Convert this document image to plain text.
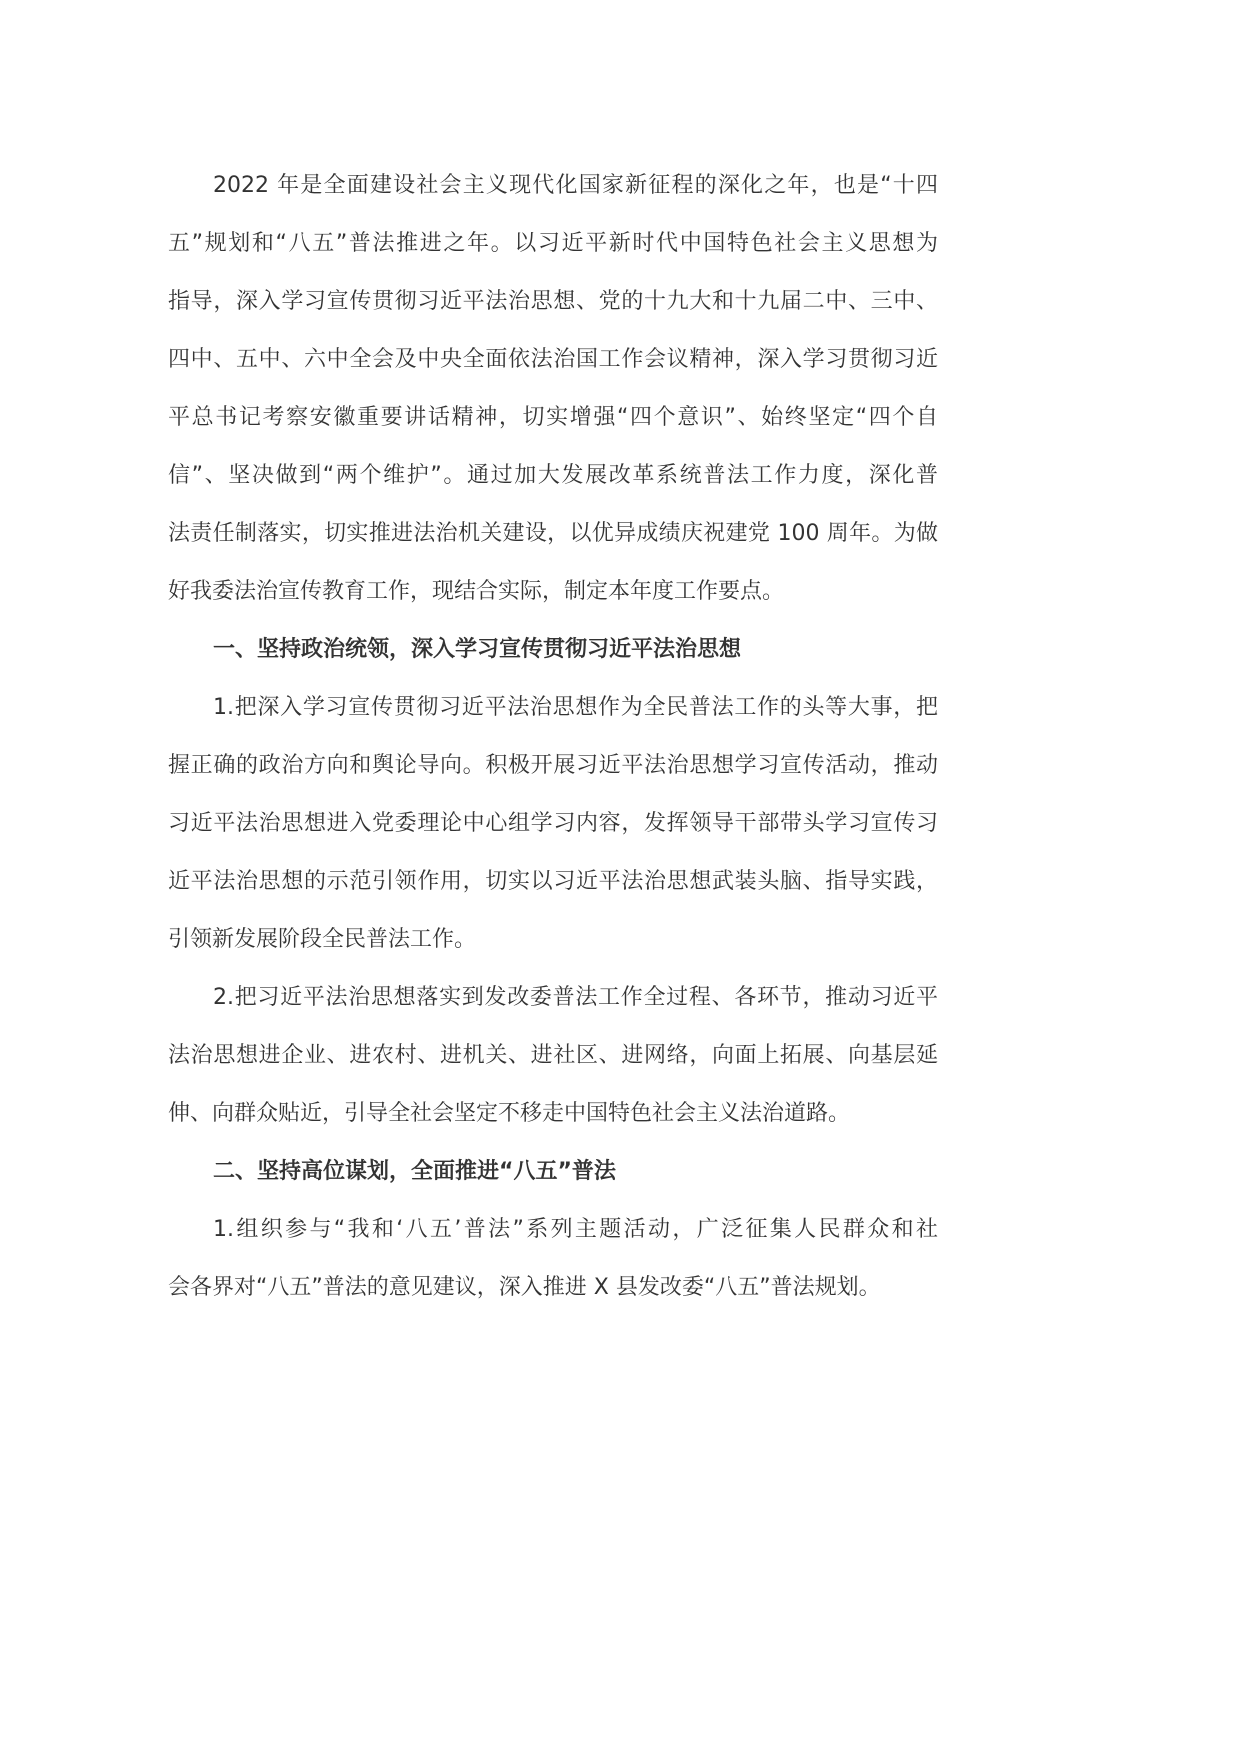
2022 年是全面建设社会主义现代化国家新征程的深化之年，也是“十四
五”规划和“八五”普法推进之年。以习近平新时代中国特色社会主义思想为
指导，深入学习宣传贯彻习近平法治思想、党的十九大和十九届二中、三中、
四中、五中、六中全会及中央全面依法治国工作会议精神，深入学习贯彻习近
平总书记考察安徽重要讲话精神，切实增强“四个意识”、始终坚定“四个自
信”、坚决做到“两个维护”。通过加大发展改革系统普法工作力度，深化普
法责任制落实，切实推进法治机关建设，以优异成绩庆祝建党 100 周年。为做
好我委法治宣传教育工作，现结合实际，制定本年度工作要点。
一、坚持政治统领，深入学习宣传贯彻习近平法治思想
1.把深入学习宣传贯彻习近平法治思想作为全民普法工作的头等大事，把
握正确的政治方向和舆论导向。积极开展习近平法治思想学习宣传活动，推动
习近平法治思想进入党委理论中心组学习内容，发挥领导干部带头学习宣传习
近平法治思想的示范引领作用，切实以习近平法治思想武装头脑、指导实践，
引领新发展阶段全民普法工作。
2.把习近平法治思想落实到发改委普法工作全过程、各环节，推动习近平
法治思想进企业、进农村、进机关、进社区、进网络，向面上拓展、向基层延
伸、向群众贴近，引导全社会坚定不移走中国特色社会主义法治道路。
二、坚持高位谋划，全面推进“八五”普法
1.组织参与“我和‘八五’普法”系列主题活动，广泛征集人民群众和社
会各界对“八五”普法的意见建议，深入推进 X 县发改委“八五”普法规划。
